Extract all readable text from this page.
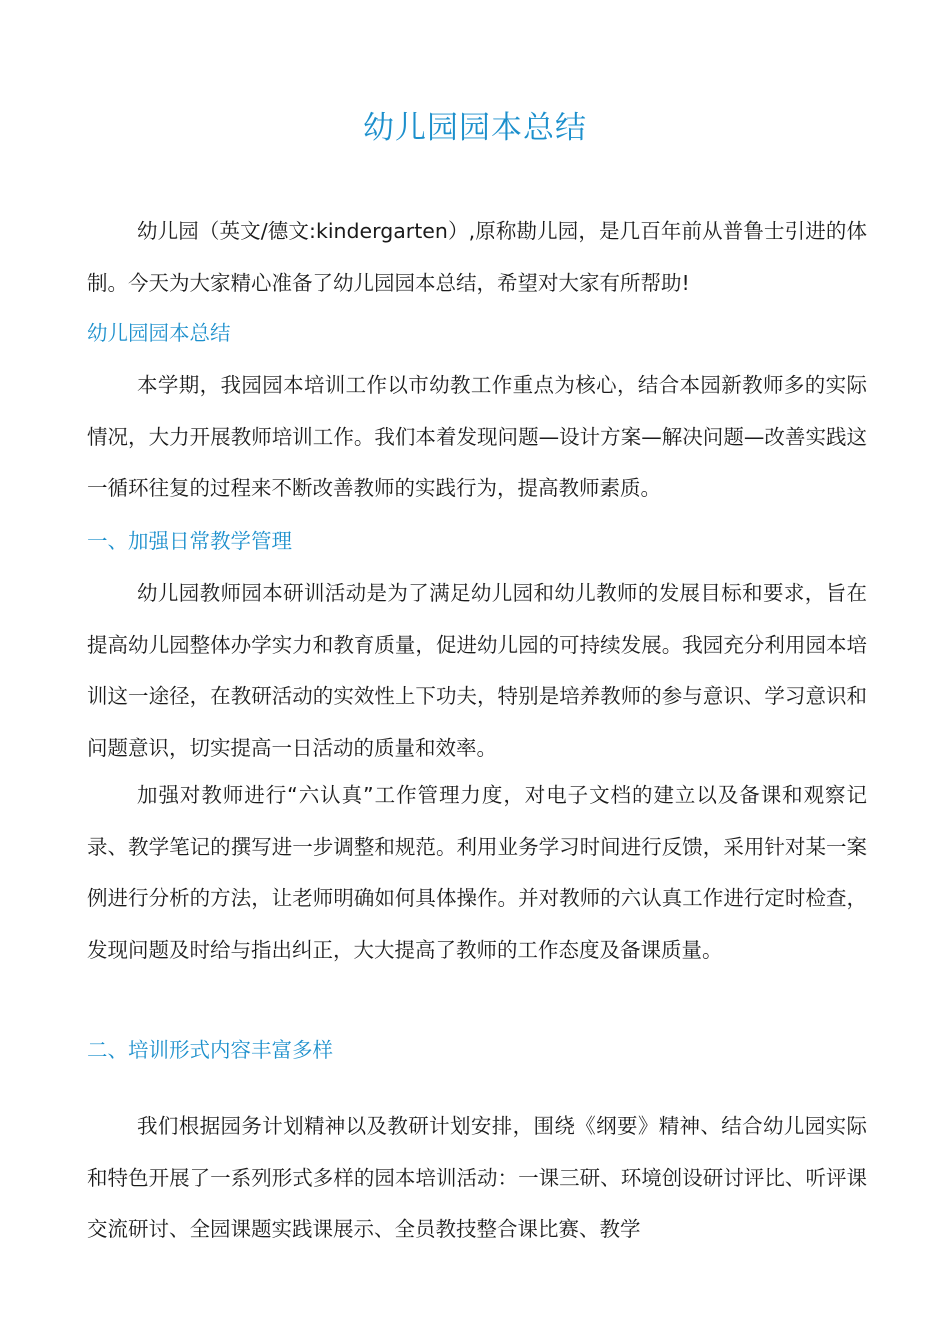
幼儿园园本总结

幼儿园（英文/德文:kindergarten）,原称勘儿园，是几百年前从普鲁士引进的体制。今天为大家精心准备了幼儿园园本总结，希望对大家有所帮助!

幼儿园园本总结

本学期，我园园本培训工作以市幼教工作重点为核心，结合本园新教师多的实际情况，大力开展教师培训工作。我们本着发现问题—设计方案—解决问题—改善实践这一循环往复的过程来不断改善教师的实践行为，提高教师素质。

一、加强日常教学管理

幼儿园教师园本研训活动是为了满足幼儿园和幼儿教师的发展目标和要求，旨在提高幼儿园整体办学实力和教育质量，促进幼儿园的可持续发展。我园充分利用园本培训这一途径，在教研活动的实效性上下功夫，特别是培养教师的参与意识、学习意识和问题意识，切实提高一日活动的质量和效率。

加强对教师进行“六认真”工作管理力度，对电子文档的建立以及备课和观察记录、教学笔记的撰写进一步调整和规范。利用业务学习时间进行反馈，采用针对某一案例进行分析的方法，让老师明确如何具体操作。并对教师的六认真工作进行定时检查，发现问题及时给与指出纠正，大大提高了教师的工作态度及备课质量。

二、培训形式内容丰富多样

我们根据园务计划精神以及教研计划安排，围绕《纲要》精神、结合幼儿园实际和特色开展了一系列形式多样的园本培训活动：一课三研、环境创设研讨评比、听评课交流研讨、全园课题实践课展示、全员教技整合课比赛、教学
